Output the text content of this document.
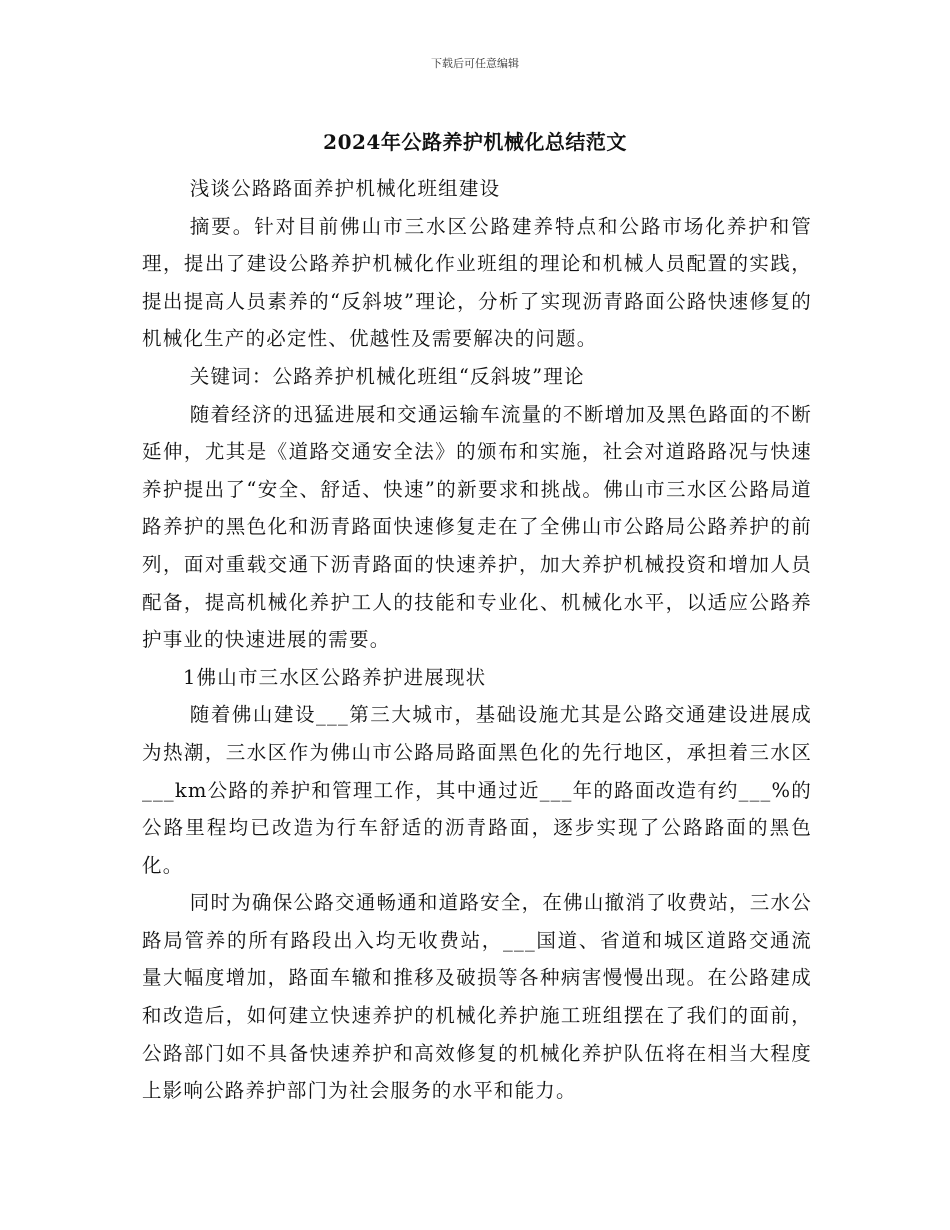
下载后可任意编辑
2024年公路养护机械化总结范文

浅谈公路路面养护机械化班组建设

摘要。针对目前佛山市三水区公路建养特点和公路市场化养护和管理，提出了建设公路养护机械化作业班组的理论和机械人员配置的实践，提出提高人员素养的“反斜坡”理论，分析了实现沥青路面公路快速修复的机械化生产的必定性、优越性及需要解决的问题。

关键词：公路养护机械化班组“反斜坡”理论

随着经济的迅猛进展和交通运输车流量的不断增加及黑色路面的不断延伸，尤其是《道路交通安全法》的颁布和实施，社会对道路路况与快速养护提出了“安全、舒适、快速”的新要求和挑战。佛山市三水区公路局道路养护的黑色化和沥青路面快速修复走在了全佛山市公路局公路养护的前列，面对重载交通下沥青路面的快速养护，加大养护机械投资和增加人员配备，提高机械化养护工人的技能和专业化、机械化水平，以适应公路养护事业的快速进展的需要。

1佛山市三水区公路养护进展现状

随着佛山建设___第三大城市，基础设施尤其是公路交通建设进展成为热潮，三水区作为佛山市公路局路面黑色化的先行地区，承担着三水区___km公路的养护和管理工作，其中通过近___年的路面改造有约___%的公路里程均已改造为行车舒适的沥青路面，逐步实现了公路路面的黑色化。

同时为确保公路交通畅通和道路安全，在佛山撤消了收费站，三水公路局管养的所有路段出入均无收费站，___国道、省道和城区道路交通流量大幅度增加，路面车辙和推移及破损等各种病害慢慢出现。在公路建成和改造后，如何建立快速养护的机械化养护施工班组摆在了我们的面前，公路部门如不具备快速养护和高效修复的机械化养护队伍将在相当大程度上影响公路养护部门为社会服务的水平和能力。
